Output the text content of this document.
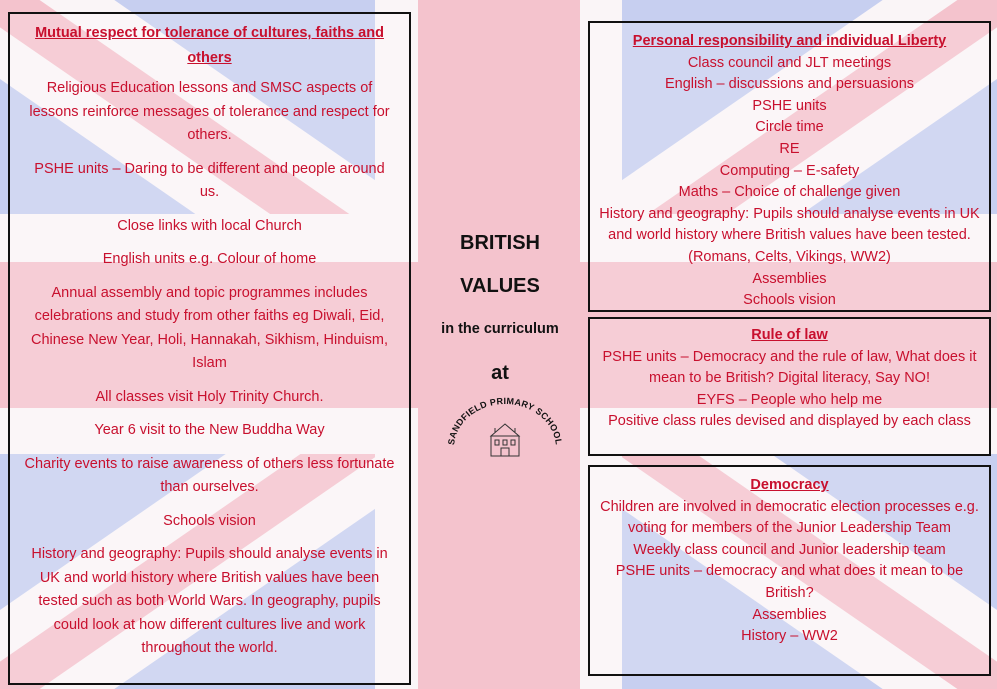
Mutual respect for tolerance of cultures, faiths and
others

Religious Education lessons and SMSC aspects of lessons reinforce messages of tolerance and respect for others.

PSHE units – Daring to be different and people around us.

Close links with local Church

English units e.g. Colour of home

Annual assembly and topic programmes includes celebrations and study from other faiths eg Diwali, Eid, Chinese New Year, Holi, Hannakah, Sikhism, Hinduism, Islam

All classes visit Holy Trinity Church.

Year 6 visit to the New Buddha Way

Charity events to raise awareness of others less fortunate than ourselves.

Schools vision

History and geography: Pupils should analyse events in UK and world history where British values have been tested such as both World Wars. In geography, pupils could look at how different cultures live and work throughout the world.

BRITISH
VALUES
in the curriculum
at
SANDFIELD PRIMARY SCHOOL

Personal responsibility and individual Liberty

Class council and JLT meetings

English – discussions and persuasions

PSHE units

Circle time

RE

Computing – E-safety

Maths – Choice of challenge given

History and geography: Pupils should analyse events in UK and world history where British values have been tested. (Romans, Celts, Vikings, WW2)

Assemblies

Schools vision

Rule of law

PSHE units – Democracy and the rule of law, What does it mean to be British? Digital literacy, Say NO!

EYFS – People who help me

Positive class rules devised and displayed by each class

Democracy

Children are involved in democratic election processes e.g. voting for members of the Junior Leadership Team

Weekly class council and Junior leadership team

PSHE units – democracy and what does it mean to be British?

Assemblies

History – WW2
